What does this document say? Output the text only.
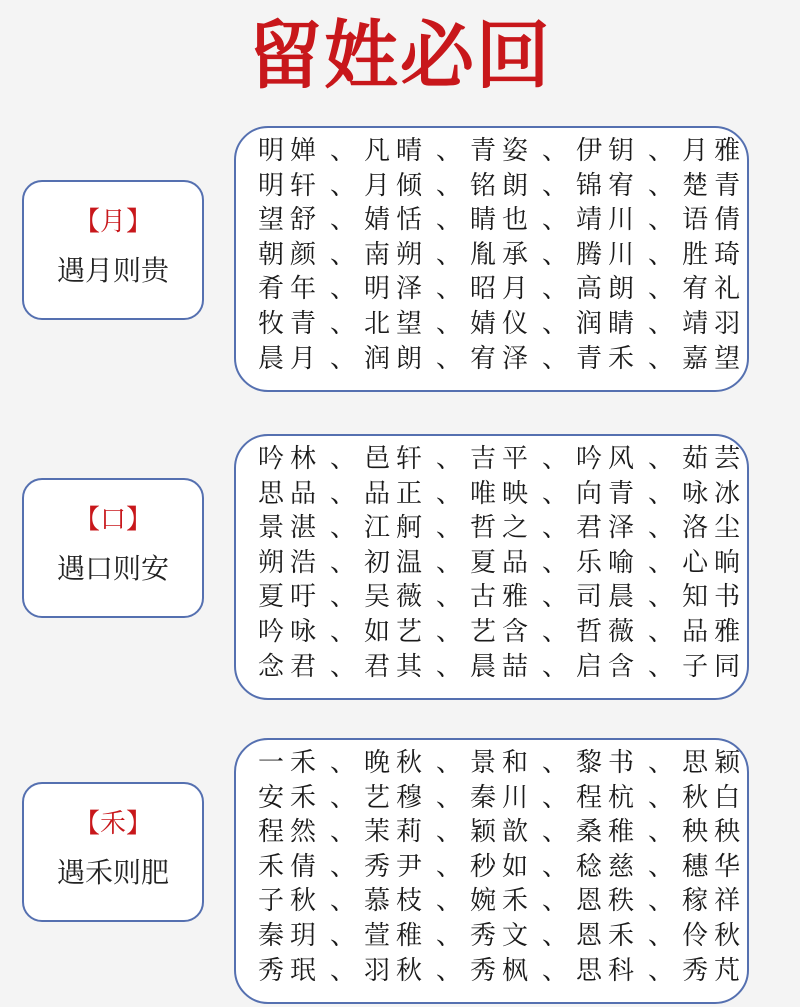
留姓必回
【月】
遇月则贵
明婵 、 凡晴 、 青姿 、 伊钥 、 月雅
明轩 、 月倾 、 铭朗 、 锦宥 、 楚青
望舒 、 婧恬 、 睛也 、 靖川 、 语倩
朝颜 、 南朔 、 胤承 、 腾川 、 胜琦
肴年 、 明泽 、 昭月 、 高朗 、 宥礼
牧青 、 北望 、 婧仪 、 润睛 、 靖羽
晨月 、 润朗 、 宥泽 、 青禾 、 嘉望
【口】
遇口则安
吟林 、 邑轩 、 吉平 、 吟风 、 茹芸
思品 、 品正 、 唯映 、 向青 、 咏冰
景湛 、 江舸 、 哲之 、 君泽 、 洛尘
朔浩 、 初温 、 夏品 、 乐喻 、 心晌
夏吁 、 吴薇 、 古雅 、 司晨 、 知书
吟咏 、 如艺 、 艺含 、 哲薇 、 品雅
念君 、 君其 、 晨喆 、 启含 、 子同
【禾】
遇禾则肥
一禾 、 晚秋 、 景和 、 黎书 、 思颖
安禾 、 艺穆 、 秦川 、 程杭 、 秋白
程然 、 茉莉 、 颖歆 、 桑稚 、 秧秧
禾倩 、 秀尹 、 秒如 、 稔慈 、 穗华
子秋 、 慕枝 、 婉禾 、 恩秩 、 稼祥
秦玥 、 萱稚 、 秀文 、 恩禾 、 伶秋
秀珉 、 羽秋 、 秀枫 、 思科 、 秀芃
